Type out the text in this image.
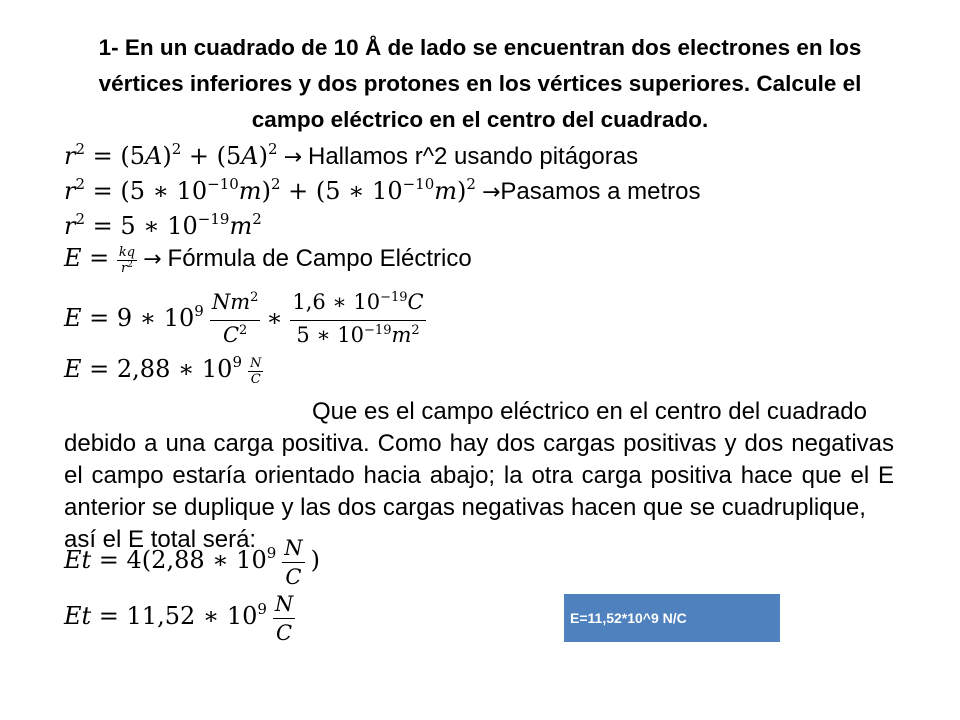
1- En un cuadrado de 10 Å de lado se encuentran dos electrones en los
vértices inferiores y dos protones en los vértices superiores. Calcule el
campo eléctrico en el centro del cuadrado.
$r^2 = (5A)^2 + (5A)^2$ → Hallamos r^2 usando pitágoras
$r^2 = (5$ ∗ $10^{-10}m)^2 + (5$ ∗ $10^{-10}m)^2$ →Pasamos a metros
$r^2 = 5$ ∗ $10^{-19}m^2$
$E = \frac{kq}{r^2}$ → Fórmula de Campo Eléctrico
E = 9 ∗ $10^9 \frac{Nm^2}{C^2}$ ∗ $\frac{1,6 ∗ 10^{-19}C}{5 ∗ 10^{-19}m^2}$
E = 2,88 ∗ $10^9 \frac{N}{C}$
Que es el campo eléctrico en el centro del cuadrado
debido a una carga positiva. Como hay dos cargas positivas y dos negativas el campo estaría orientado hacia abajo; la otra carga positiva hace que el E anterior se duplique y las dos cargas negativas hacen que se cuadruplique,
así el E total será:
Et = 4(2,88 ∗ $10^9 \frac{N}{C}$ )
Et = 11,52 ∗ $10^9 \frac{N}{C}$	E=11,52*10^9 N/C
